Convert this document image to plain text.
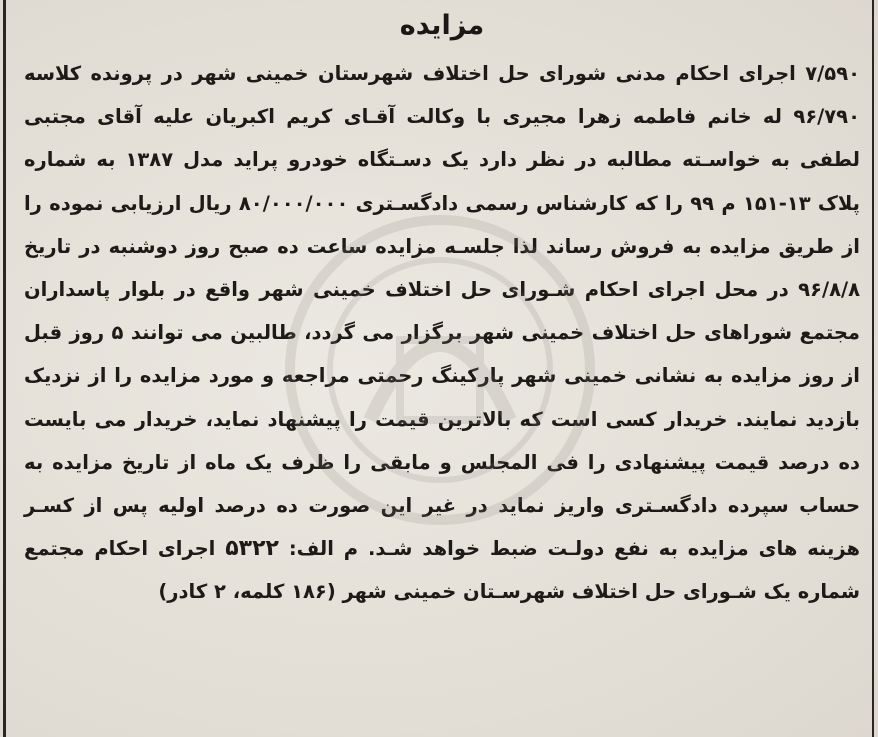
مزایده

۷/۵۹۰ اجرای احکام مدنی شورای حل اختلاف شهرستان خمینی شهر در پرونده کلاسه ۹۶/۷۹۰ له خانم فاطمه زهرا مجیری با وکالت آقـای کریم اکبریان علیه آقای مجتبی لطفی به خواسـته مطالبه در نظر دارد یک دسـتگاه خودرو پراید مدل ۱۳۸۷ به شماره پلاک ۱۳-۱۵۱ م ۹۹ را که کارشناس رسمی دادگسـتری ۸۰/۰۰۰/۰۰۰ ریال ارزیابی نموده را از طریق مزایده به فروش رساند لذا جلسـه مزایده ساعت ده صبح روز دوشنبه در تاریخ ۹۶/۸/۸ در محل اجرای احکام شـورای حل اختلاف خمینی شهر واقع در بلوار پاسداران مجتمع شوراهای حل اختلاف خمینی شهر برگزار می گردد، طالبین می توانند ۵ روز قبل از روز مزایده به نشانی خمینی شهر پارکینگ رحمتی مراجعه و مورد مزایده را از نزدیک بازدید نمایند. خریدار کسی است که بالاترین قیمت را پیشنهاد نماید، خریدار می بایست ده درصد قیمت پیشنهادی را فی المجلس و مابقی را ظرف یک ماه از تاریخ مزایده به حساب سپرده دادگسـتری واریز نماید در غیر این صورت ده درصد اولیه پس از کسـر هزینه های مزایده به نفع دولـت ضبط خواهد شـد. م الف: ۵۳۲۲ اجرای احکام مجتمع شماره یک شـورای حل اختلاف شهرسـتان خمینی شهر (۱۸۶ کلمه، ۲ کادر)
